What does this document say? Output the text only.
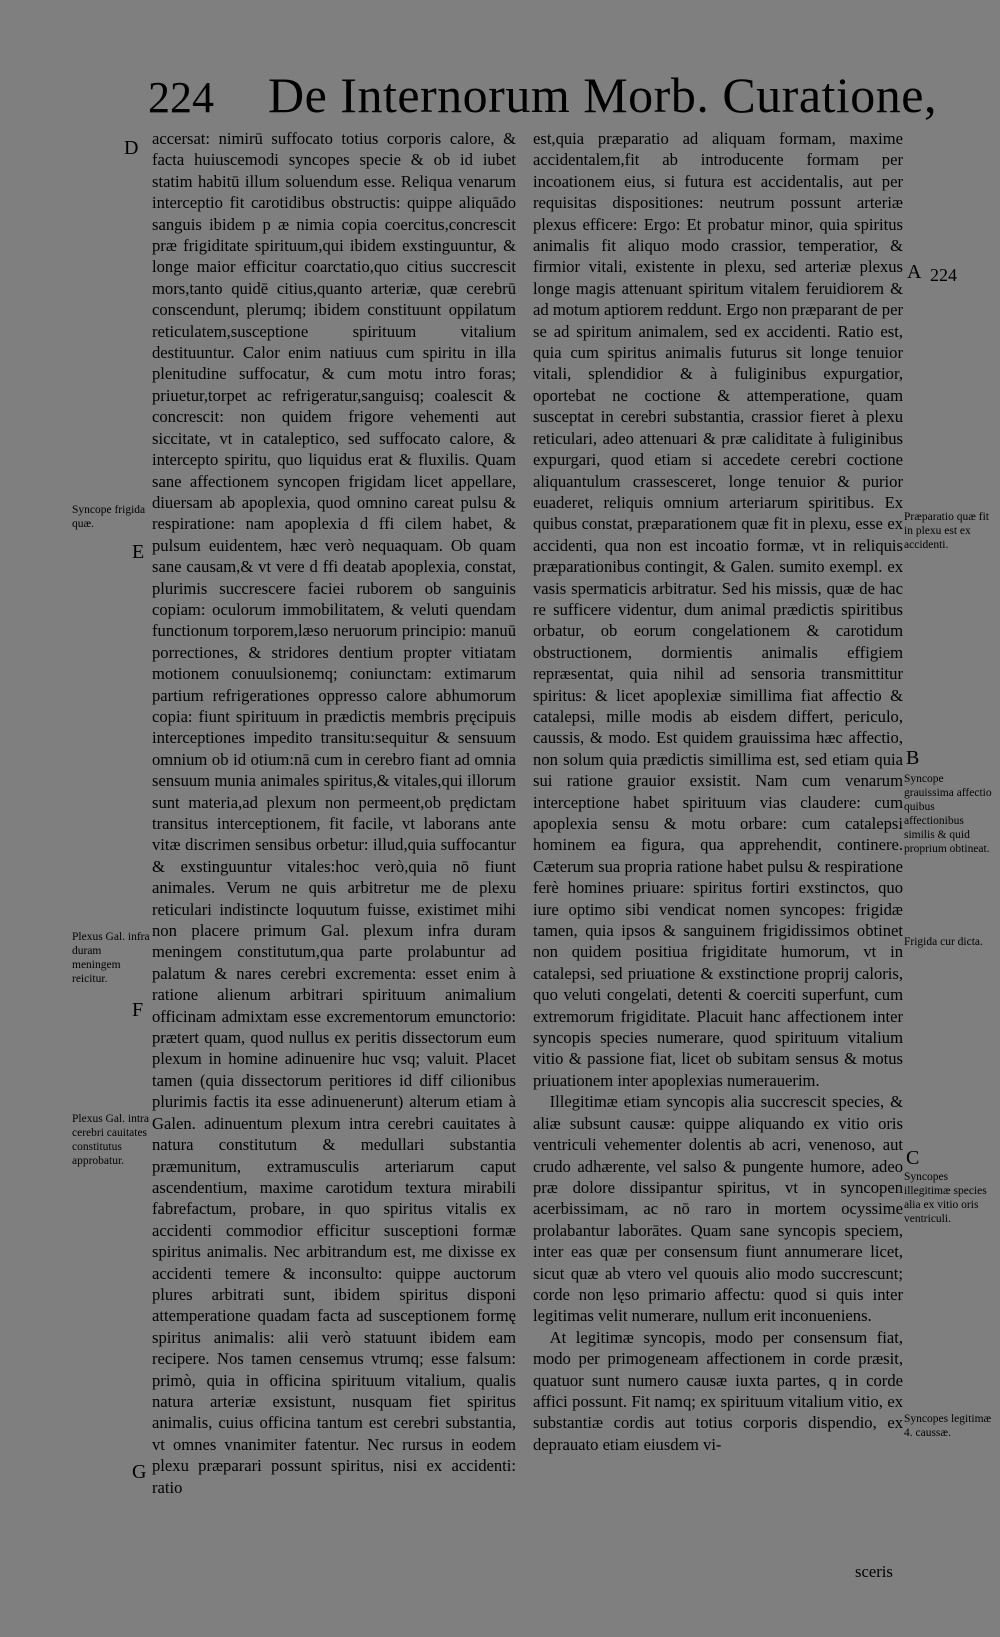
224 De Internorum Morb. Curatione,
D
E
F
G
A
B
C
224

accersat: nimirū suffocato totius corporis calore, & facta huiuscemodi syncopes specie & ob id iubet statim habitū illum soluendum esse. Reliqua venarum interceptio fit carotidibus obstructis: quippe aliquādo sanguis ibidem p æ nimia copia coercitus,concrescit præ frigiditate spirituum,qui ibidem exstinguuntur, & longe maior efficitur coarctatio,quo citius succrescit mors,tanto quidē citius,quanto arteriæ, quæ cerebrū conscendunt, plerumq; ibidem constituunt oppilatum reticulatem,susceptione spirituum vitalium destituuntur. Calor enim natiuus cum spiritu in illa plenitudine suffocatur, & cum motu intro foras; priuetur,torpet ac refrigeratur,sanguisq; coalescit & concrescit: non quidem frigore vehementi aut siccitate, vt in cataleptico, sed suffocato calore, & intercepto spiritu, quo liquidus erat & fluxilis. Quam sane affectionem syncopen frigidam licet appellare, diuersam ab apoplexia, quod omnino careat pulsu & respiratione: nam apoplexia d ffi cilem habet, & pulsum euidentem, hæc verò nequaquam. Ob quam sane causam,& vt vere d ffi deatab apoplexia, constat, plurimis succrescere faciei ruborem ob sanguinis copiam: oculorum immobilitatem, & veluti quendam functionum torporem,læso neruorum principio: manuū porrectiones, & stridores dentium propter vitiatam motionem conuulsionemq; coniunctam: extimarum partium refrigerationes oppresso calore abhumorum copia: fiunt spirituum in prædictis membris pręcipuis interceptiones impedito transitu:sequitur & sensuum omnium ob id otium:nā cum in cerebro fiant ad omnia sensuum munia animales spiritus,& vitales,qui illorum sunt materia,ad plexum non permeent,ob prędictam transitus interceptionem, fit facile, vt laborans ante vitæ discrimen sensibus orbetur: illud,quia suffocantur & exstinguuntur vitales:hoc verò,quia nō fiunt animales. Verum ne quis arbitretur me de plexu reticulari indistincte loquutum fuisse, existimet mihi non placere primum Gal. plexum infra duram meningem constitutum,qua parte prolabuntur ad palatum & nares cerebri excrementa: esset enim à ratione alienum arbitrari spirituum animalium officinam admixtam esse excrementorum emunctorio: prætert quam, quod nullus ex peritis dissectorum eum plexum in homine adinuenire huc vsq; valuit. Placet tamen (quia dissectorum peritiores id diff cilionibus plurimis factis ita esse adinuenerunt) alterum etiam à Galen. adinuentum plexum intra cerebri cauitates à natura constitutum & medullari substantia præmunitum, extramusculis arteriarum caput ascendentium, maxime carotidum textura mirabili fabrefactum, probare, in quo spiritus vitalis ex accidenti commodior efficitur susceptioni formæ spiritus animalis. Nec arbitrandum est, me dixisse ex accidenti temere & inconsulto: quippe auctorum plures arbitrati sunt, ibidem spiritus disponi attemperatione quadam facta ad susceptionem formę spiritus animalis: alii verò statuunt ibidem eam recipere. Nos tamen censemus vtrumq; esse falsum: primò, quia in officina spirituum vitalium, qualis natura arteriæ exsistunt, nusquam fiet spiritus animalis, cuius officina tantum est cerebri substantia, vt omnes vnanimiter fatentur. Nec rursus in eodem plexu præparari possunt spiritus, nisi ex accidenti: ratio

est,quia præparatio ad aliquam formam, maxime accidentalem,fit ab introducente formam per incoationem eius, si futura est accidentalis, aut per requisitas dispositiones: neutrum possunt arteriæ plexus efficere: Ergo: Et probatur minor, quia spiritus animalis fit aliquo modo crassior, temperatior, & firmior vitali, existente in plexu, sed arteriæ plexus longe magis attenuant spiritum vitalem feruidiorem & ad motum aptiorem reddunt. Ergo non præparant de per se ad spiritum animalem, sed ex accidenti. Ratio est, quia cum spiritus animalis futurus sit longe tenuior vitali, splendidior & à fuliginibus expurgatior, oportebat ne coctione & attemperatione, quam susceptat in cerebri substantia, crassior fieret à plexu reticulari, adeo attenuari & præ caliditate à fuliginibus expurgari, quod etiam si accedete cerebri coctione aliquantulum crassesceret, longe tenuior & purior euaderet, reliquis omnium arteriarum spiritibus. Ex quibus constat, præparationem quæ fit in plexu, esse ex accidenti, qua non est incoatio formæ, vt in reliquis præparationibus contingit, & Galen. sumito exempl. ex vasis spermaticis arbitratur. Sed his missis, quæ de hac re sufficere videntur, dum animal prædictis spiritibus orbatur, ob eorum congelationem & carotidum obstructionem, dormientis animalis effigiem repræsentat, quia nihil ad sensoria transmittitur spiritus: & licet apoplexiæ simillima fiat affectio & catalepsi, mille modis ab eisdem differt, periculo, caussis, & modo. Est quidem grauissima hæc affectio, non solum quia prædictis simillima est, sed etiam quia sui ratione grauior exsistit. Nam cum venarum interceptione habet spirituum vias claudere: cum apoplexia sensu & motu orbare: cum catalepsi hominem ea figura, qua apprehendit, continere. Cæterum sua propria ratione habet pulsu & respiratione ferè homines priuare: spiritus fortiri exstinctos, quo iure optimo sibi vendicat nomen syncopes: frigidæ tamen, quia ipsos & sanguinem frigidissimos obtinet non quidem positiua frigiditate humorum, vt in catalepsi, sed priuatione & exstinctione proprij caloris, quo veluti congelati, detenti & coerciti superfunt, cum extremorum frigiditate. Placuit hanc affectionem inter syncopis species numerare, quod spirituum vitalium vitio & passione fiat, licet ob subitam sensus & motus priuationem inter apoplexias numerauerim.

Illegitimæ etiam syncopis alia succrescit species, & aliæ subsunt causæ: quippe aliquando ex vitio oris ventriculi vehementer dolentis ab acri, venenoso, aut crudo adhærente, vel salso & pungente humore, adeo præ dolore dissipantur spiritus, vt in syncopen acerbissimam, ac nō raro in mortem ocyssime prolabantur laborātes. Quam sane syncopis speciem, inter eas quæ per consensum fiunt annumerare licet, sicut quæ ab vtero vel quouis alio modo succrescunt; corde non lęso primario affectu: quod si quis inter legitimas velit numerare, nullum erit inconueniens.

At legitimæ syncopis, modo per consensum fiat, modo per primogeneam affectionem in corde præsit, quatuor sunt numero causæ iuxta partes, q in corde affici possunt. Fit namq; ex spirituum vitalium vitio, ex substantiæ cordis aut totius corporis dispendio, ex deprauato etiam eiusdem vi-

sceris
Syncope frigida quæ.
Plexus Gal. infra duram meningem reicitur.
Plexus Gal. intra cerebri cauitates constitutus approbatur.
Præparatio quæ fit in plexu est ex accidenti.
Syncope grauissima affectio quibus affectionibus similis & quid proprium obtineat.
Frigida cur dicta.
Syncopes illegitimæ species alia ex vitio oris ventriculi.
Syncopes legitimæ 4. caussæ.
